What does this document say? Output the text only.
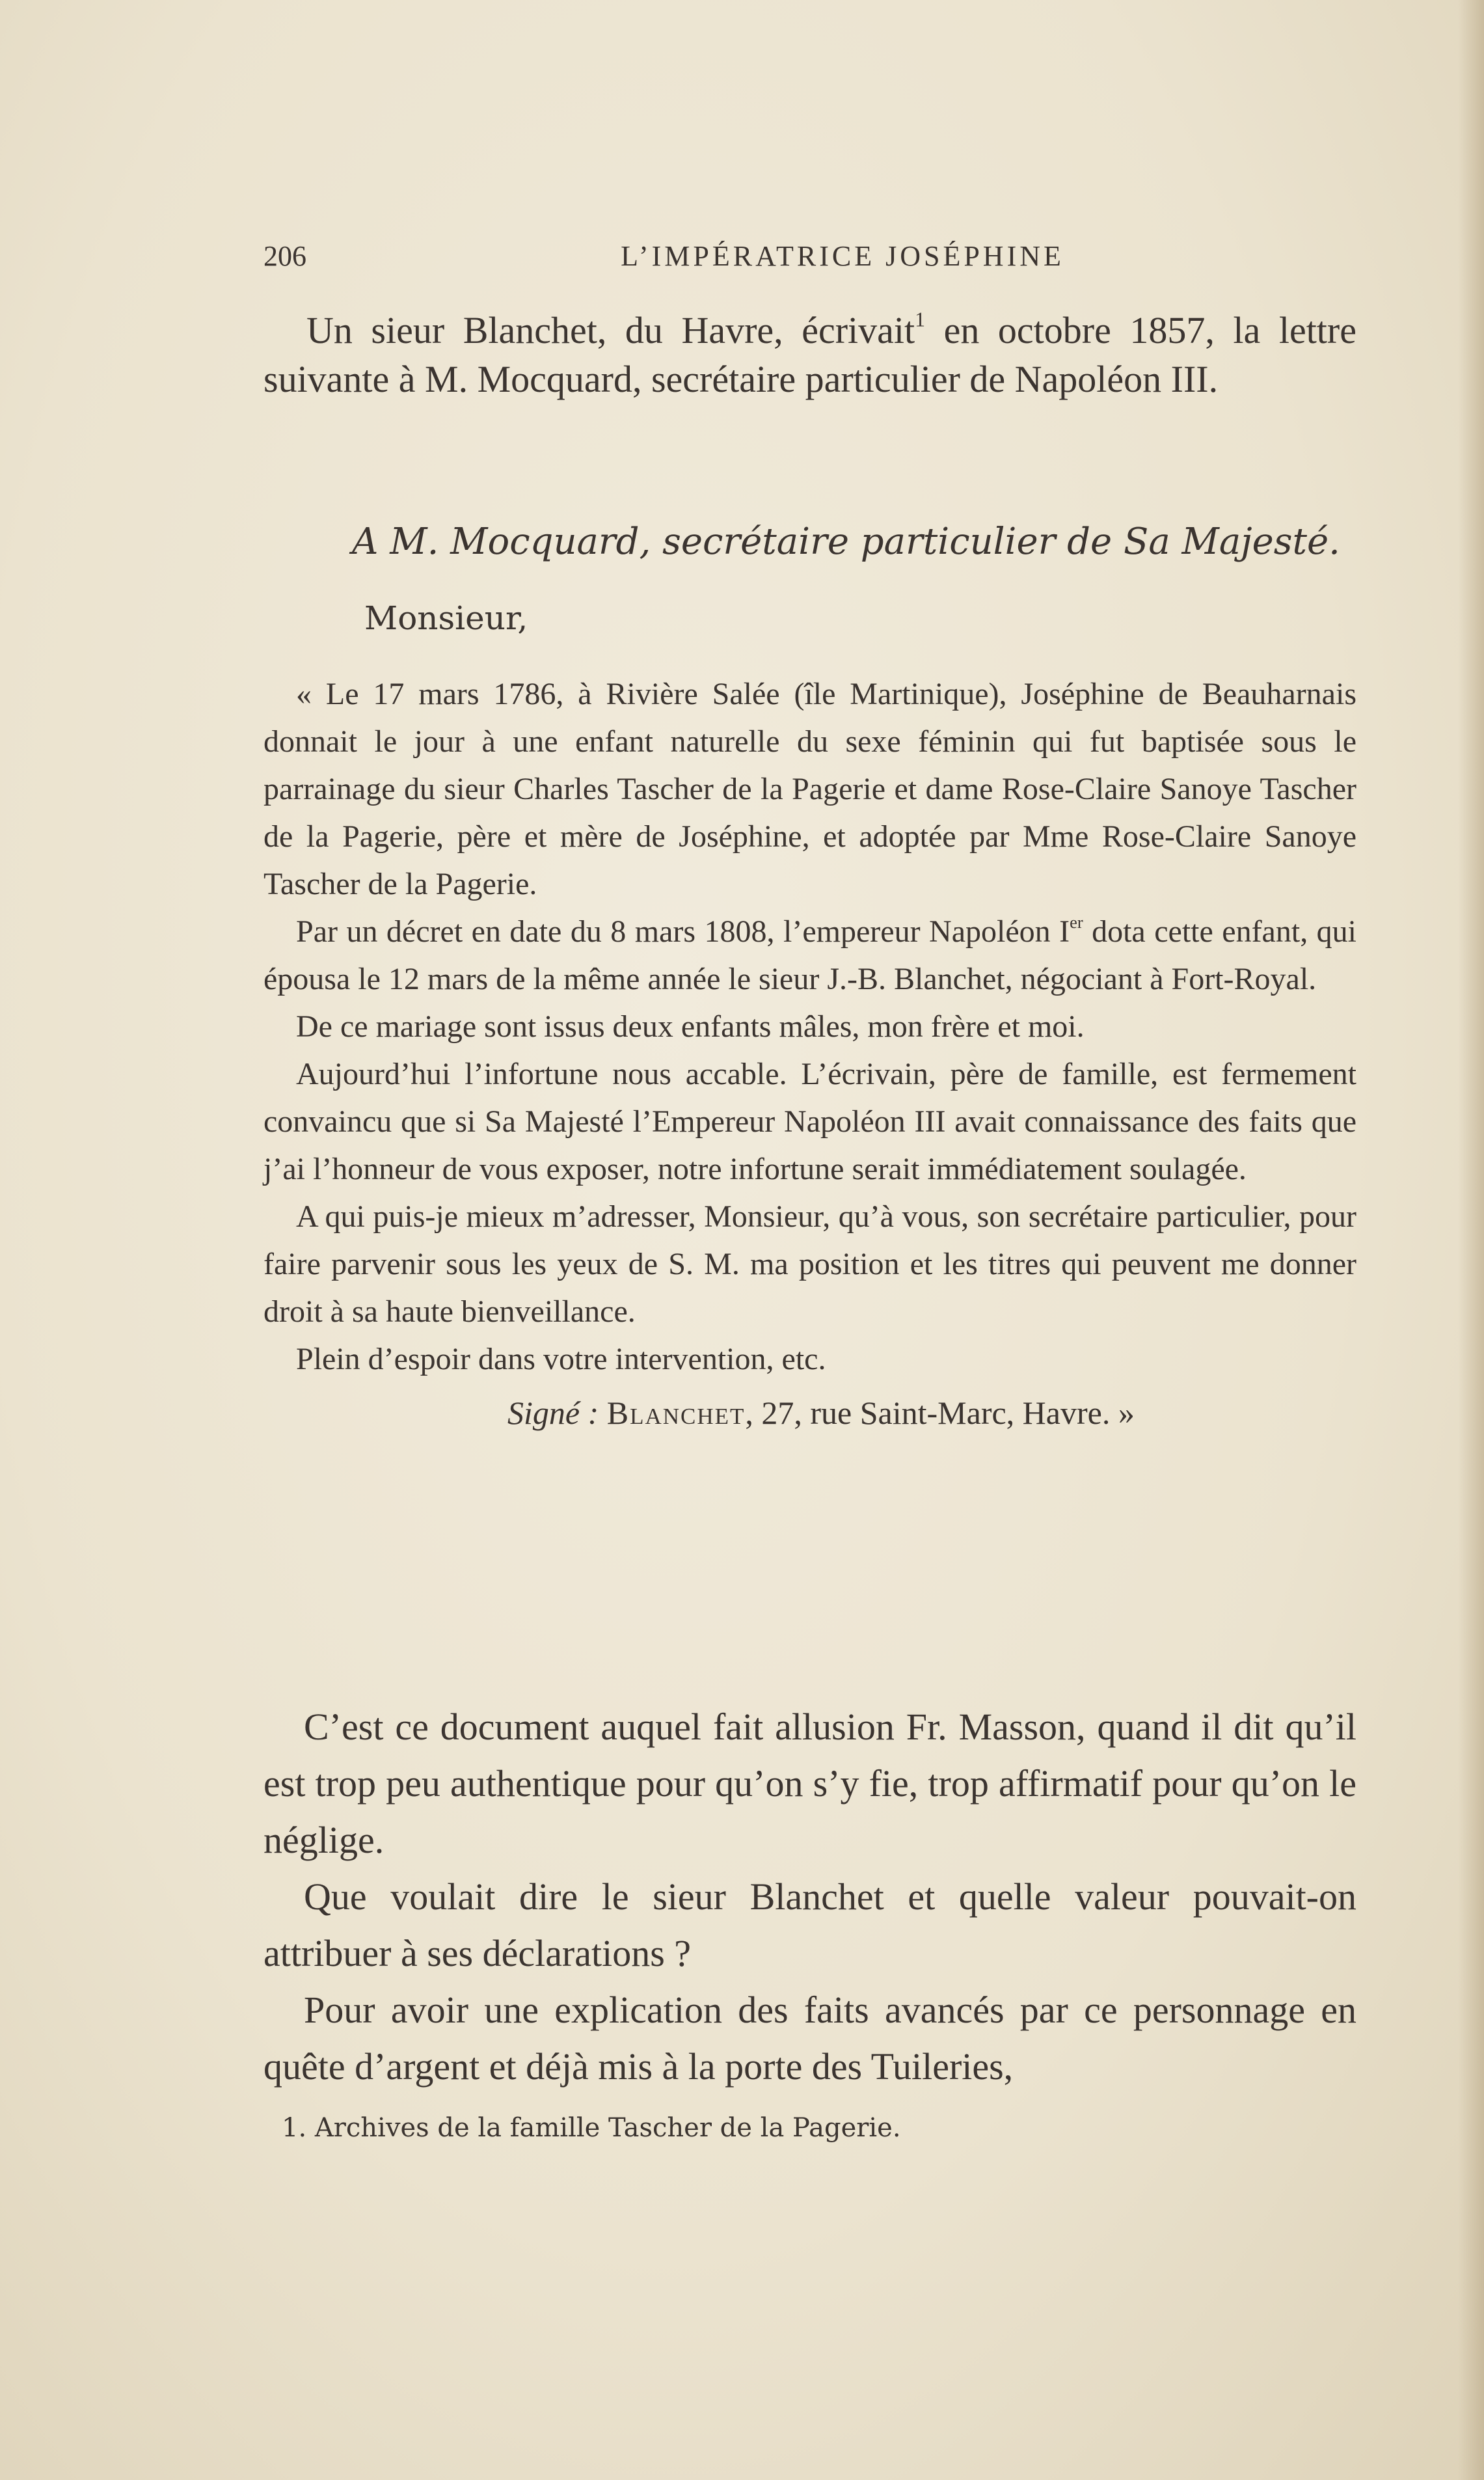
206	L’IMPÉRATRICE JOSÉPHINE

Un sieur Blanchet, du Havre, écrivait$^1$ en octobre 1857, la lettre suivante à M. Mocquard, secrétaire particulier de Napoléon III.

A M. Mocquard, secrétaire particulier de Sa Majesté.
Monsieur,

« Le 17 mars 1786, à Rivière Salée (île Martinique), Joséphine de Beauharnais donnait le jour à une enfant naturelle du sexe féminin qui fut baptisée sous le parrainage du sieur Charles Tascher de la Pagerie et dame Rose-Claire Sanoye Tascher de la Pagerie, père et mère de Joséphine, et adoptée par Mme Rose-Claire Sanoye Tascher de la Pagerie.

Par un décret en date du 8 mars 1808, l’empereur Napoléon Ier dota cette enfant, qui épousa le 12 mars de la même année le sieur J.-B. Blanchet, négociant à Fort-Royal.

De ce mariage sont issus deux enfants mâles, mon frère et moi.

Aujourd’hui l’infortune nous accable. L’écrivain, père de famille, est fermement convaincu que si Sa Majesté l’Empereur Napoléon III avait connaissance des faits que j’ai l’honneur de vous exposer, notre infortune serait immédiatement soulagée.

A qui puis-je mieux m’adresser, Monsieur, qu’à vous, son secrétaire particulier, pour faire parvenir sous les yeux de S. M. ma position et les titres qui peuvent me donner droit à sa haute bienveillance.

Plein d’espoir dans votre intervention, etc.

Signé : Blanchet, 27, rue Saint-Marc, Havre. »

C’est ce document auquel fait allusion Fr. Masson, quand il dit qu’il est trop peu authentique pour qu’on s’y fie, trop affirmatif pour qu’on le néglige.

Que voulait dire le sieur Blanchet et quelle valeur pouvait-on attribuer à ses déclarations ?

Pour avoir une explication des faits avancés par ce personnage en quête d’argent et déjà mis à la porte des Tuileries,

1. Archives de la famille Tascher de la Pagerie.
